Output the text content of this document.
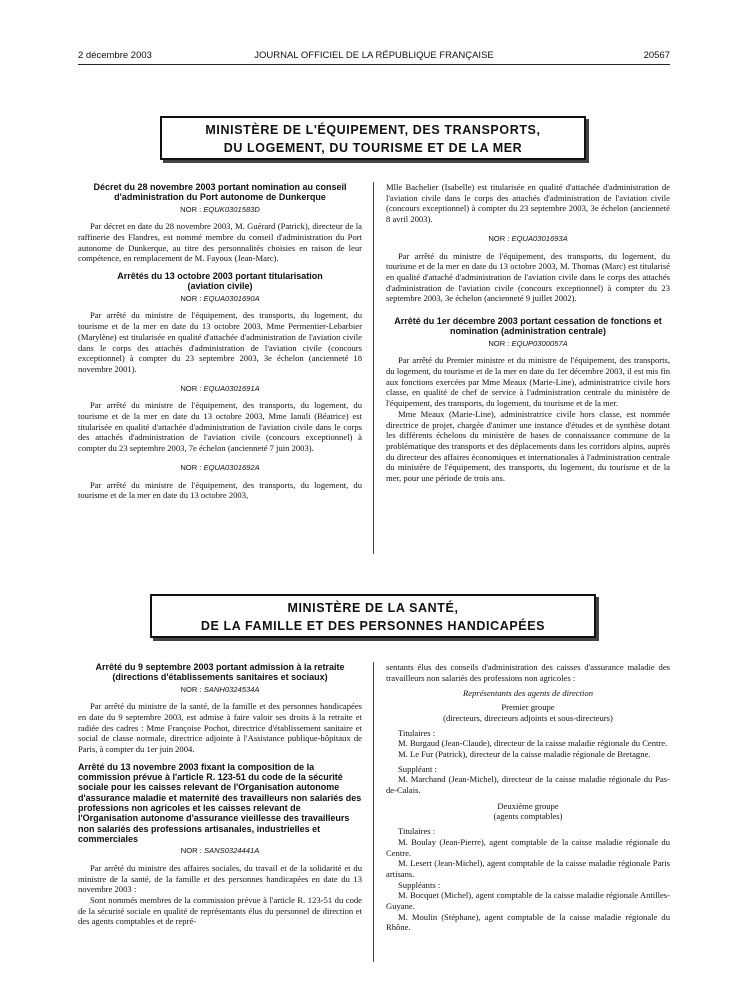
2 décembre 2003	JOURNAL OFFICIEL DE LA RÉPUBLIQUE FRANÇAISE	20567
MINISTÈRE DE L'ÉQUIPEMENT, DES TRANSPORTS,
DU LOGEMENT, DU TOURISME ET DE LA MER
Décret du 28 novembre 2003 portant nomination au conseil d'administration du Port autonome de Dunkerque
NOR : EQUK0301583D

Par décret en date du 28 novembre 2003, M. Guérard (Patrick), directeur de la raffinerie des Flandres, est nommé membre du conseil d'administration du Port autonome de Dunkerque, au titre des personnalités choisies en raison de leur compétence, en remplacement de M. Fayoux (Jean-Marc).

Arrêtés du 13 octobre 2003 portant titularisation (aviation civile)
NOR : EQUA0301690A

Par arrêté du ministre de l'équipement, des transports, du logement, du tourisme et de la mer en date du 13 octobre 2003, Mme Permentier-Lebarbier (Marylène) est titularisée en qualité d'attachée d'administration de l'aviation civile dans le corps des attachés d'administration de l'aviation civile (concours exceptionnel) à compter du 23 septembre 2003, 3e échelon (ancienneté 18 novembre 2001).

NOR : EQUA0301691A

Par arrêté du ministre de l'équipement, des transports, du logement, du tourisme et de la mer en date du 13 octobre 2003, Mme Ianuli (Béatrice) est titularisée en qualité d'attachée d'administration de l'aviation civile dans le corps des attachés d'administration de l'aviation civile (concours exceptionnel) à compter du 23 septembre 2003, 7e échelon (ancienneté 7 juin 2003).

NOR : EQUA0301692A

Par arrêté du ministre de l'équipement, des transports, du logement, du tourisme et de la mer en date du 13 octobre 2003,

Mlle Bachelier (Isabelle) est titularisée en qualité d'attachée d'administration de l'aviation civile dans le corps des attachés d'administration de l'aviation civile (concours exceptionnel) à compter du 23 septembre 2003, 3e échelon (ancienneté 8 avril 2003).

NOR : EQUA0301693A

Par arrêté du ministre de l'équipement, des transports, du logement, du tourisme et de la mer en date du 13 octobre 2003, M. Thomas (Marc) est titularisé en qualité d'attaché d'administration de l'aviation civile dans le corps des attachés d'administration de l'aviation civile (concours exceptionnel) à compter du 23 septembre 2003, 3e échelon (ancienneté 9 juillet 2002).

Arrêté du 1er décembre 2003 portant cessation de fonctions et nomination (administration centrale)
NOR : EQUP0300057A

Par arrêté du Premier ministre et du ministre de l'équipement, des transports, du logement, du tourisme et de la mer en date du 1er décembre 2003, il est mis fin aux fonctions exercées par Mme Meaux (Marie-Line), administratrice civile hors classe, en qualité de chef de service à l'administration centrale du ministère de l'équipement, des transports, du logement, du tourisme et de la mer.

Mme Meaux (Marie-Line), administratrice civile hors classe, est nommée directrice de projet, chargée d'animer une instance d'études et de synthèse dotant les différents échelons du ministère de bases de connaissance commune de la problématique des transports et des déplacements dans les corridors alpins, auprès du directeur des affaires économiques et internationales à l'administration centrale du ministère de l'équipement, des transports, du logement, du tourisme et de la mer, pour une période de trois ans.

MINISTÈRE DE LA SANTÉ,
DE LA FAMILLE ET DES PERSONNES HANDICAPÉES
Arrêté du 9 septembre 2003 portant admission à la retraite (directions d'établissements sanitaires et sociaux)
NOR : SANH0324534A

Par arrêté du ministre de la santé, de la famille et des personnes handicapées en date du 9 septembre 2003, est admise à faire valoir ses droits à la retraite et radiée des cadres : Mme Françoise Pochot, directrice d'établissement sanitaire et social de classe normale, directrice adjointe à l'Assistance publique-hôpitaux de Paris, à compter du 1er juin 2004.

Arrêté du 13 novembre 2003 fixant la composition de la commission prévue à l'article R. 123-51 du code de la sécurité sociale pour les caisses relevant de l'Organisation autonome d'assurance maladie et maternité des travailleurs non salariés des professions non agricoles et les caisses relevant de l'Organisation autonome d'assurance vieillesse des travailleurs non salariés des professions artisanales, industrielles et commerciales
NOR : SANS0324441A

Par arrêté du ministre des affaires sociales, du travail et de la solidarité et du ministre de la santé, de la famille et des personnes handicapées en date du 13 novembre 2003 :

Sont nommés membres de la commission prévue à l'article R. 123-51 du code de la sécurité sociale en qualité de représentants élus du personnel de direction et des agents comptables et de repré-

sentants élus des conseils d'administration des caisses d'assurance maladie des travailleurs non salariés des professions non agricoles :

Représentants des agents de direction

Premier groupe

(directeurs, directeurs adjoints et sous-directeurs)

Titulaires :

M. Burgaud (Jean-Claude), directeur de la caisse maladie régionale du Centre.

M. Le Fur (Patrick), directeur de la caisse maladie régionale de Bretagne.

Suppléant :

M. Marchand (Jean-Michel), directeur de la caisse maladie régionale du Pas-de-Calais.

Deuxième groupe

(agents comptables)

Titulaires :

M. Boulay (Jean-Pierre), agent comptable de la caisse maladie régionale du Centre.

M. Lesert (Jean-Michel), agent comptable de la caisse maladie régionale Paris artisans.

Suppléants :

M. Bocquet (Michel), agent comptable de la caisse maladie régionale Antilles-Guyane.

M. Moulin (Stéphane), agent comptable de la caisse maladie régionale du Rhône.
